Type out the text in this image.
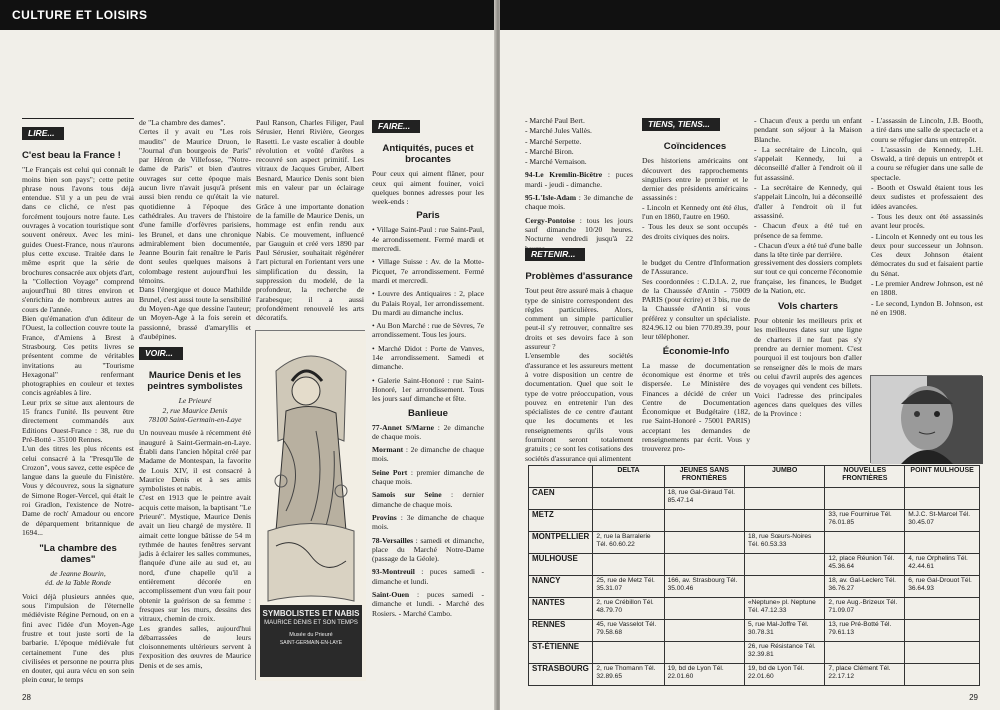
CULTURE ET LOISIRS
LIRE...
C'est beau la France !

"Le Français est celui qui connaît le moins bien son pays"; cette petite phrase nous l'avons tous déjà entendue. S'il y a un peu de vrai dans ce cliché, ce n'est pas forcément toujours notre faute. Les ouvrages à vocation touristique sont souvent onéreux. Avec les mini-guides Ouest-France, nous n'aurons plus cette excuse. Traitée dans le même esprit que la série de brochures consacrée aux objets d'art, la "Collection Voyage" comprend aujourd'hui 80 titres environ et s'enrichira de nombreux autres au cours de l'année.
Bien qu'émanation d'un éditeur de l'Ouest, la collection couvre toute la France, d'Amiens à Brest à Strasbourg. Ces petits livres se présentent comme de véritables invitations au "Tourisme Hexagonal" renfermant photographies en couleur et textes concis agréables à lire.
Leur prix se situe aux alentours de 15 francs l'unité. Ils peuvent être directement commandés aux Editions Ouest-France : 38, rue du Pré-Botté - 35100 Rennes.
L'un des titres les plus récents est celui consacré à la "Presqu'île de Crozon", vous savez, cette espèce de langue dans la gueule du Finistère. Vous y découvrez, sous la signature de Simone Roger-Vercel, qui était le roi Gradlon, l'existence de Notre-Dame de roch' Amadour ou encore de déparquement britannique de 1694...

"La chambre des dames"

de Jeanne Bourin,

éd. de la Table Ronde

Voici déjà plusieurs années que, sous l'impulsion de l'éternelle médiéviste Régine Pernoud, on en a fini avec l'idée d'un Moyen-Age frustre et tout juste sorti de la barbarie. L'époque médiévale fut certainement l'une des plus civilisées et personne ne pourra plus en douter, qui aura vécu en son sein plein cœur, le temps

de "La chambre des dames".
Certes il y avait eu "Les rois maudits" de Maurice Druon, le "Journal d'un bourgeois de Paris" par Héron de Villefosse, "Notre-dame de Paris" et bien d'autres ouvrages sur cette époque mais aucun livre n'avait jusqu'à présent aussi bien rendu ce qu'était la vie quotidienne à l'époque des cathédrales. Au travers de l'histoire d'une famille d'orfèvres parisiens, les Brunel, et dans une chronique admirablement bien documentée, Jeanne Bourin fait renaître le Paris dont seules quelques maisons à colombage restent aujourd'hui les témoins.
Dans l'énergique et douce Mathilde Brunel, c'est aussi toute la sensibilité du Moyen-Age que dessine l'auteur; un Moyen-Age à la fois serein et passionné, brassé d'amaryllis et d'aubépines.

VOIR...
Maurice Denis et les peintres symbolistes

Le Prieuré

2, rue Maurice Denis

78100 Saint-Germain-en-Laye

Un nouveau musée à récemment été inauguré à Saint-Germain-en-Laye. Établi dans l'ancien hôpital créé par Madame de Montespan, la favorite de Louis XIV, il est consacré à Maurice Denis et à ses amis symbolistes et nabis.
C'est en 1913 que le peintre avait acquis cette maison, la baptisant "Le Prieuré". Mystique, Maurice Denis avait un lieu chargé de mystère. Il aimait cette longue bâtisse de 54 m rythmée de hautes fenêtres servant jadis à éclairer les salles communes, flanquée d'une aile au sud et, au nord, d'une chapelle qu'il a entièrement décorée en accomplissement d'un vœu fait pour obtenir la guérison de sa femme : fresques sur les murs, dessins des vitraux, chemin de croix.
Les grandes salles, aujourd'hui débarrassées de leurs cloisonnements ultérieurs servent à l'exposition des œuvres de Maurice Denis et de ses amis,

Paul Ranson, Charles Filiger, Paul Sérusier, Henri Rivière, Georges Rasetti. Le vaste escalier à double révolution et voûté d'arêtes a recouvré son aspect primitif. Les vitraux de Jacques Gruber, Albert Besnard, Maurice Denis sont bien mis en valeur par un éclairage naturel.
Grâce à une importante donation de la famille de Maurice Denis, un hommage est enfin rendu aux Nabis. Ce mouvement, influencé par Gauguin et créé vers 1890 par Paul Sérusier, souhaitait régénérer l'art pictural en l'orientant vers une simplification du dessin, la suppression du modelé, de la profondeur, la recherche de l'arabesque; il a aussi profondément renouvelé les arts décoratifs.

SYMBOLISTES ET NABIS
MAURICE DENIS ET SON TEMPS
Musée du Prieuré
SAINT-GERMAIN-EN-LAYE
FAIRE...
Antiquités, puces et brocantes

Pour ceux qui aiment flâner, pour ceux qui aiment fouiner, voici quelques bonnes adresses pour les week-ends :

Paris
• Village Saint-Paul : rue Saint-Paul, 4e arrondissement. Fermé mardi et mercredi.
• Village Suisse : Av. de la Motte-Picquet, 7e arrondissement. Fermé mardi et mercredi.
• Louvre des Antiquaires : 2, place du Palais Royal, 1er arrondissement. Du mardi au dimanche inclus.
• Au Bon Marché : rue de Sèvres, 7e arrondissement. Tous les jours.
• Marché Didot : Porte de Vanves, 14e arrondissement. Samedi et dimanche.
• Galerie Saint-Honoré : rue Saint-Honoré, 1er arrondissement. Tous les jours sauf dimanche et fête.
Banlieue
77-Annet S/Marne : 2e dimanche de chaque mois.
Mormant : 2e dimanche de chaque mois.
Seine Port : premier dimanche de chaque mois.
Samois sur Seine : dernier dimanche de chaque mois.
Provins : 3e dimanche de chaque mois.
78-Versailles : samedi et dimanche, place du Marché Notre-Dame (passage de la Géole).
93-Montreuil : puces samedi - dimanche et lundi.
Saint-Ouen : puces samedi - dimanche et lundi. - Marché des Rosiers. - Marché Cambo.
28
- Marché Paul Bert.
- Marché Jules Vallès.
- Marché Serpette.
- Marché Biron.
- Marché Vernaison.
94-Le Kremlin-Bicêtre : puces mardi - jeudi - dimanche.
95-L'Isle-Adam : 3e dimanche de chaque mois.
Cergy-Pontoise : tous les jours sauf dimanche 10/20 heures. Nocturne vendredi jusqu'à 22
TIENS, TIENS...
Coïncidences

Des historiens américains ont découvert des rapprochements singuliers entre le premier et le dernier des présidents américains assassinés :

- Lincoln et Kennedy ont été élus, l'un en 1860, l'autre en 1960.
- Tous les deux se sont occupés des droits civiques des noirs.
- Chacun d'eux a perdu un enfant pendant son séjour à la Maison Blanche.
- La secrétaire de Lincoln, qui s'appelait Kennedy, lui a déconseillé d'aller à l'endroit où il fut assassiné.
- La secrétaire de Kennedy, qui s'appelait Lincoln, lui a déconseillé d'aller à l'endroit où il fut assassiné.
- Chacun d'eux a été tué en présence de sa femme.
- Chacun d'eux a été tué d'une balle dans la tête tirée par derrière.
- L'assassin de Lincoln, J.B. Booth, a tiré dans une salle de spectacle et a couru se réfugier dans un entrepôt.
- L'assassin de Kennedy, L.H. Oswald, a tiré depuis un entrepôt et a couru se réfugier dans une salle de spectacle.
- Booth et Oswald étaient tous les deux sudistes et professaient des idées avancées.
- Tous les deux ont été assassinés avant leur procès.
- Lincoln et Kennedy ont eu tous les deux pour successeur un Johnson. Ces deux Johnson étaient démocrates du sud et faisaient partie du Sénat.
- Le premier Andrew Johnson, est né en 1808.
- Le second, Lyndon B. Johnson, est né en 1908.
RETENIR...
Problèmes d'assurance

Tout peut être assuré mais à chaque type de sinistre correspondent des règles particulières. Alors, comment un simple particulier peut-il s'y retrouver, connaître ses droits et ses devoirs face à son assureur ?
L'ensemble des sociétés d'assurance et les assureurs mettent à votre disposition un centre de documentation. Quel que soit le type de votre préoccupation, vous pouvez en entretenir l'un des spécialistes de ce centre d'autant que les documents et les renseignements qu'ils vous fourniront seront totalement gratuits ; ce sont les cotisations des sociétés d'assurance qui alimentent

le budget du Centre d'Information de l'Assurance.
Ses coordonnées : C.D.I.A. 2, rue de la Chaussée d'Antin - 75009 PARIS (pour écrire) et 3 bis, rue de la Chaussée d'Antin si vous préférez y consulter un spécialiste. 824.96.12 ou bien 770.89.39, pour leur téléphoner.

Économie-Info

La masse de documentation économique est énorme et très dispersée. Le Ministère des Finances a décidé de créer un Centre de Documentation Économique et Budgétaire (182, rue Saint-Honoré - 75001 PARIS) acceptant les demandes de renseignements par écrit. Vous y trouverez pro-

gressivement des dossiers complets sur tout ce qui concerne l'économie française, les finances, le Budget de la Nation, etc.

Vols charters

Pour obtenir les meilleurs prix et les meilleures dates sur une ligne de charters il ne faut pas s'y prendre au dernier moment. C'est pourquoi il est toujours bon d'aller se renseigner dès le mois de mars ou celui d'avril auprès des agences de voyages qui vendent ces billets. Voici l'adresse des principales agences dans quelques des villes de la Province :

29
	DELTA	JEUNES SANS FRONTIÈRES	JUMBO	NOUVELLES FRONTIÈRES	POINT MULHOUSE
CAEN		18, rue Gal-Giraud Tél. 85.47.14			
METZ				33, rue Fournirue Tél. 76.01.85	M.J.C. St-Marcel Tél. 30.45.07
MONTPELLIER	2, rue la Barralerie Tél. 60.60.22		18, rue Sœurs-Noires Tél. 60.53.33		
MULHOUSE				12, place Réunion Tél. 45.36.64	4, rue Orphelins Tél. 42.44.61
NANCY	25, rue de Metz Tél. 35.31.07	166, av. Strasbourg Tél. 35.00.46		18, av. Gal-Leclerc Tél. 36.76.27	6, rue Gal-Drouot Tél. 36.64.93
NANTES	2, rue Crébillon Tél. 48.79.70		«Neptune» pl. Neptune Tél. 47.12.33	2, rue Aug.-Brizeux Tél. 71.09.07	
RENNES	45, rue Vasselot Tél. 79.58.68		5, rue Mal-Joffre Tél. 30.78.31	13, rue Pré-Botté Tél. 79.61.13	
ST-ÉTIENNE			26, rue Résistance Tél. 32.39.81		
STRASBOURG	2, rue Thomann Tél. 32.89.65	19, bd de Lyon Tél. 22.01.60	19, bd de Lyon Tél. 22.01.60	7, place Clément Tél. 22.17.12	
